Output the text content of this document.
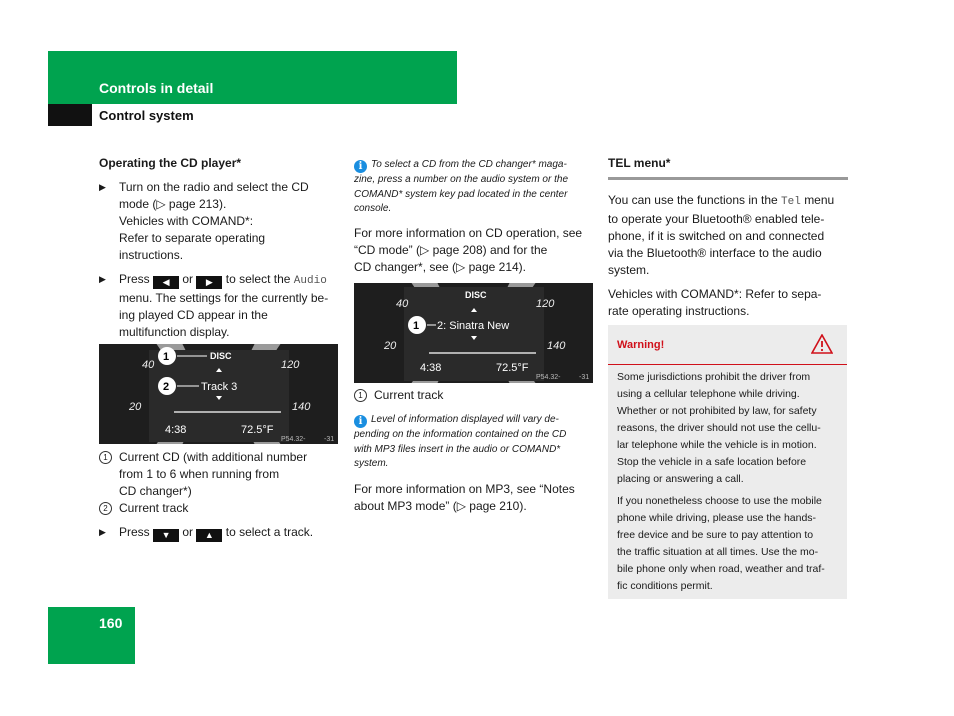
Controls in detail
Control system
Operating the CD player*
▶ Turn on the radio and select the CD
mode (▷ page 213).
Vehicles with COMAND*:
Refer to separate operating
instructions.
▶ Press ◀ or ▶ to select the Audio
menu. The settings for the currently be-
ing played CD appear in the
multifunction display.
40	120
20	140
1	DISC
2	Track 3
4:38	72.5°F
P54.32-	-31
1 Current CD (with additional number
from 1 to 6 when running from
CD changer*)
2 Current track
▶ Press ▼ or ▲ to select a track.
i To select a CD from the CD changer* maga-
zine, press a number on the audio system or the
COMAND* system key pad located in the center
console.
For more information on CD operation, see
“CD mode” (▷ page 208) and for the
CD changer*, see (▷ page 214).
40	120
20	140
DISC
1 2: Sinatra New
4:38	72.5°F
P54.32-	-31
1 Current track
i Level of information displayed will vary de-
pending on the information contained on the CD
with MP3 files insert in the audio or COMAND*
system.
For more information on MP3, see “Notes
about MP3 mode” (▷ page 210).
TEL menu*
You can use the functions in the Tel menu
to operate your Bluetooth® enabled tele-
phone, if it is switched on and connected
via the Bluetooth® interface to the audio
system.
Vehicles with COMAND*: Refer to sepa-
rate operating instructions.
Warning!
Some jurisdictions prohibit the driver from
using a cellular telephone while driving.
Whether or not prohibited by law, for safety
reasons, the driver should not use the cellu-
lar telephone while the vehicle is in motion.
Stop the vehicle in a safe location before
placing or answering a call.
If you nonetheless choose to use the mobile
phone while driving, please use the hands-
free device and be sure to pay attention to
the traffic situation at all times. Use the mo-
bile phone only when road, weather and traf-
fic conditions permit.
160
